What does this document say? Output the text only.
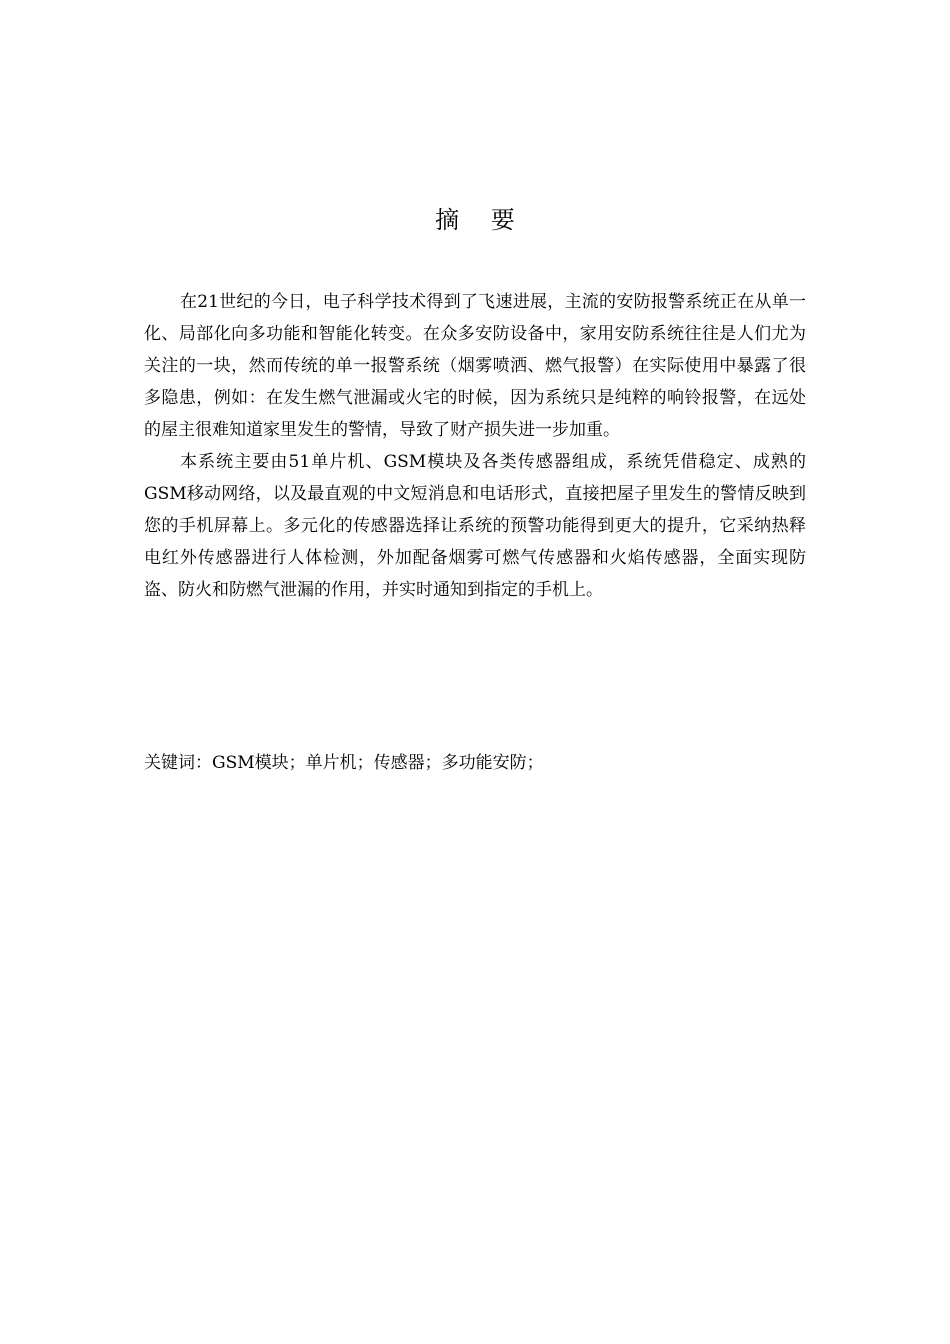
摘 要

在21世纪的今日，电子科学技术得到了飞速进展，主流的安防报警系统正在从单一化、局部化向多功能和智能化转变。在众多安防设备中，家用安防系统往往是人们尤为关注的一块，然而传统的单一报警系统（烟雾喷洒、燃气报警）在实际使用中暴露了很多隐患，例如：在发生燃气泄漏或火宅的时候，因为系统只是纯粹的响铃报警，在远处的屋主很难知道家里发生的警情，导致了财产损失进一步加重。

本系统主要由51单片机、GSM模块及各类传感器组成，系统凭借稳定、成熟的GSM移动网络，以及最直观的中文短消息和电话形式，直接把屋子里发生的警情反映到您的手机屏幕上。多元化的传感器选择让系统的预警功能得到更大的提升，它采纳热释电红外传感器进行人体检测，外加配备烟雾可燃气传感器和火焰传感器，全面实现防盗、防火和防燃气泄漏的作用，并实时通知到指定的手机上。

关键词：GSM模块；单片机；传感器；多功能安防；
